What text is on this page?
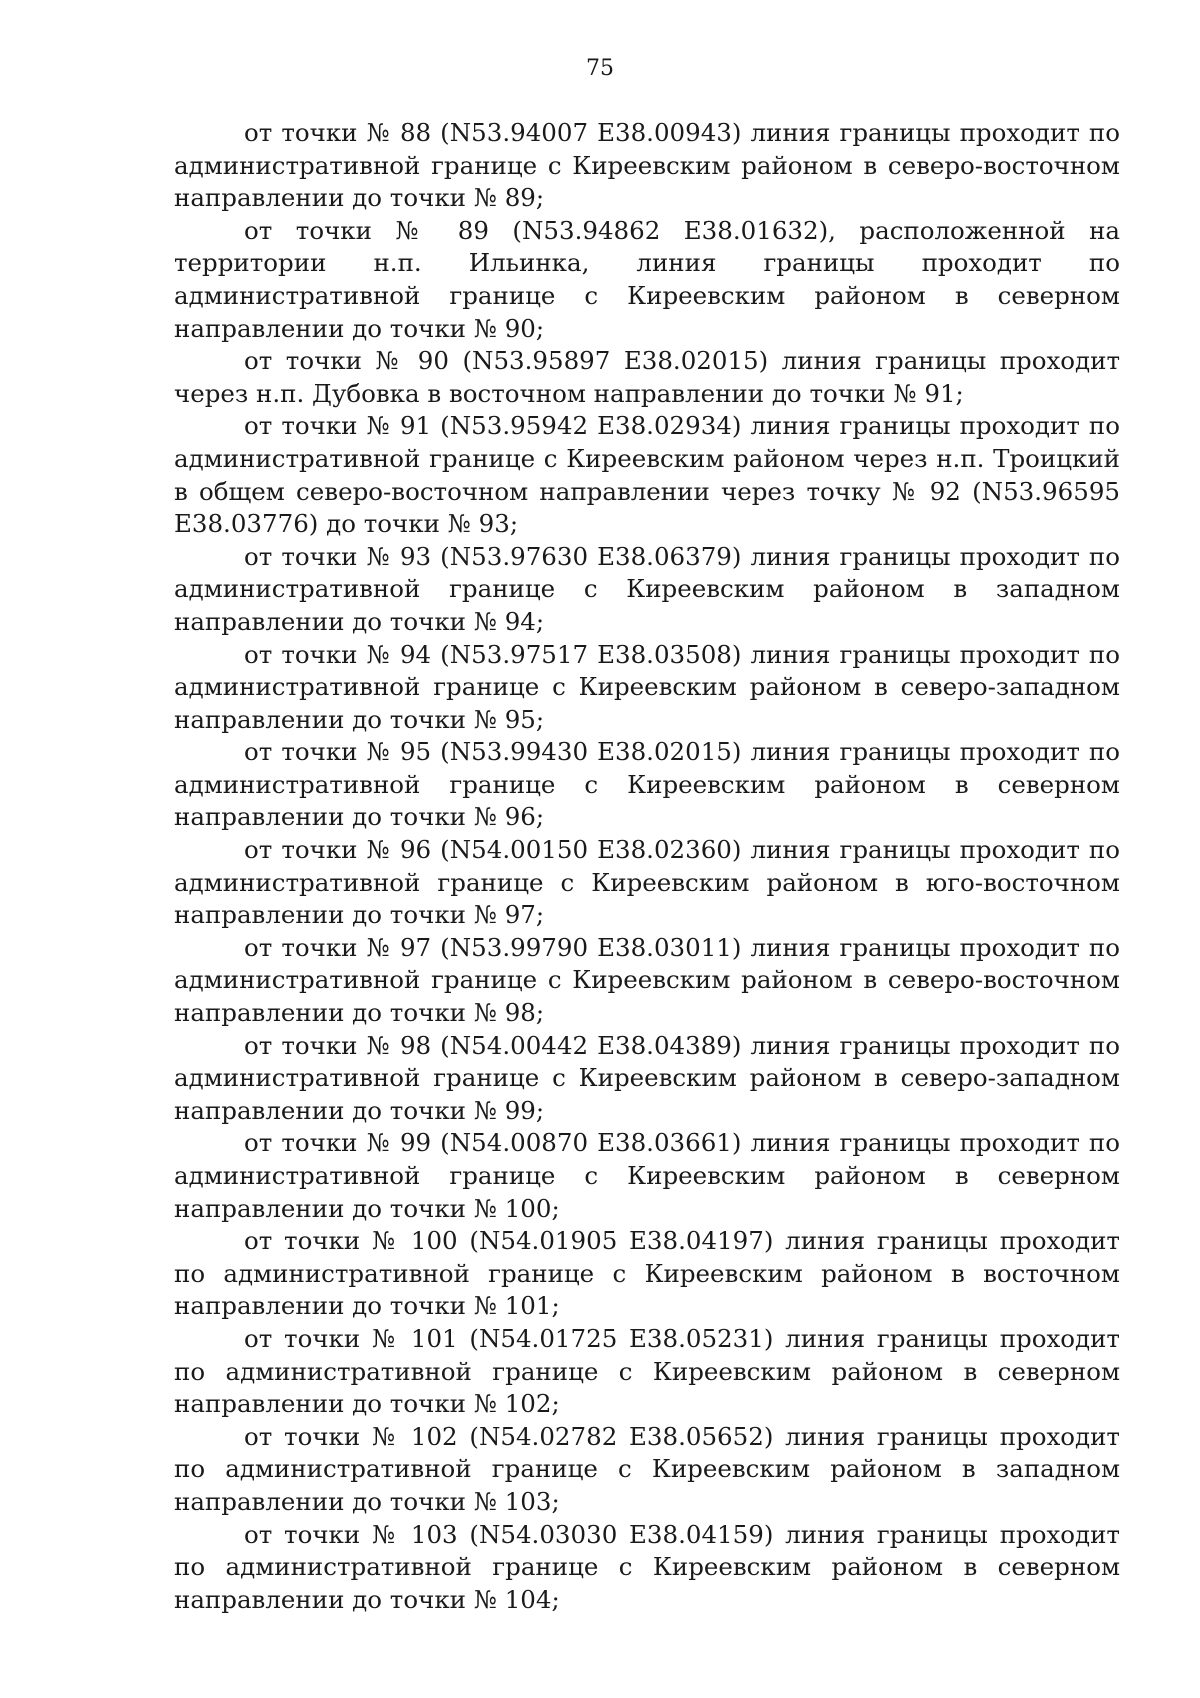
75

от точки № 88 (N53.94007 E38.00943) линия границы проходит по административной границе с Киреевским районом в северо-восточном направлении до точки № 89;

от точки № 89 (N53.94862 E38.01632), расположенной на территории н.п. Ильинка, линия границы проходит по административной границе с Киреевским районом в северном направлении до точки № 90;

от точки № 90 (N53.95897 E38.02015) линия границы проходит через н.п. Дубовка в восточном направлении до точки № 91;

от точки № 91 (N53.95942 E38.02934) линия границы проходит по административной границе с Киреевским районом через н.п. Троицкий в общем северо-восточном направлении через точку № 92 (N53.96595 E38.03776) до точки № 93;

от точки № 93 (N53.97630 E38.06379) линия границы проходит по административной границе с Киреевским районом в западном направлении до точки № 94;

от точки № 94 (N53.97517 E38.03508) линия границы проходит по административной границе с Киреевским районом в северо-западном направлении до точки № 95;

от точки № 95 (N53.99430 E38.02015) линия границы проходит по административной границе с Киреевским районом в северном направлении до точки № 96;

от точки № 96 (N54.00150 E38.02360) линия границы проходит по административной границе с Киреевским районом в юго-восточном направлении до точки № 97;

от точки № 97 (N53.99790 E38.03011) линия границы проходит по административной границе с Киреевским районом в северо-восточном направлении до точки № 98;

от точки № 98 (N54.00442 E38.04389) линия границы проходит по административной границе с Киреевским районом в северо-западном направлении до точки № 99;

от точки № 99 (N54.00870 E38.03661) линия границы проходит по административной границе с Киреевским районом в северном направлении до точки № 100;

от точки № 100 (N54.01905 E38.04197) линия границы проходит по административной границе с Киреевским районом в восточном направлении до точки № 101;

от точки № 101 (N54.01725 E38.05231) линия границы проходит по административной границе с Киреевским районом в северном направлении до точки № 102;

от точки № 102 (N54.02782 E38.05652) линия границы проходит по административной границе с Киреевским районом в западном направлении до точки № 103;

от точки № 103 (N54.03030 E38.04159) линия границы проходит по административной границе с Киреевским районом в северном направлении до точки № 104;
